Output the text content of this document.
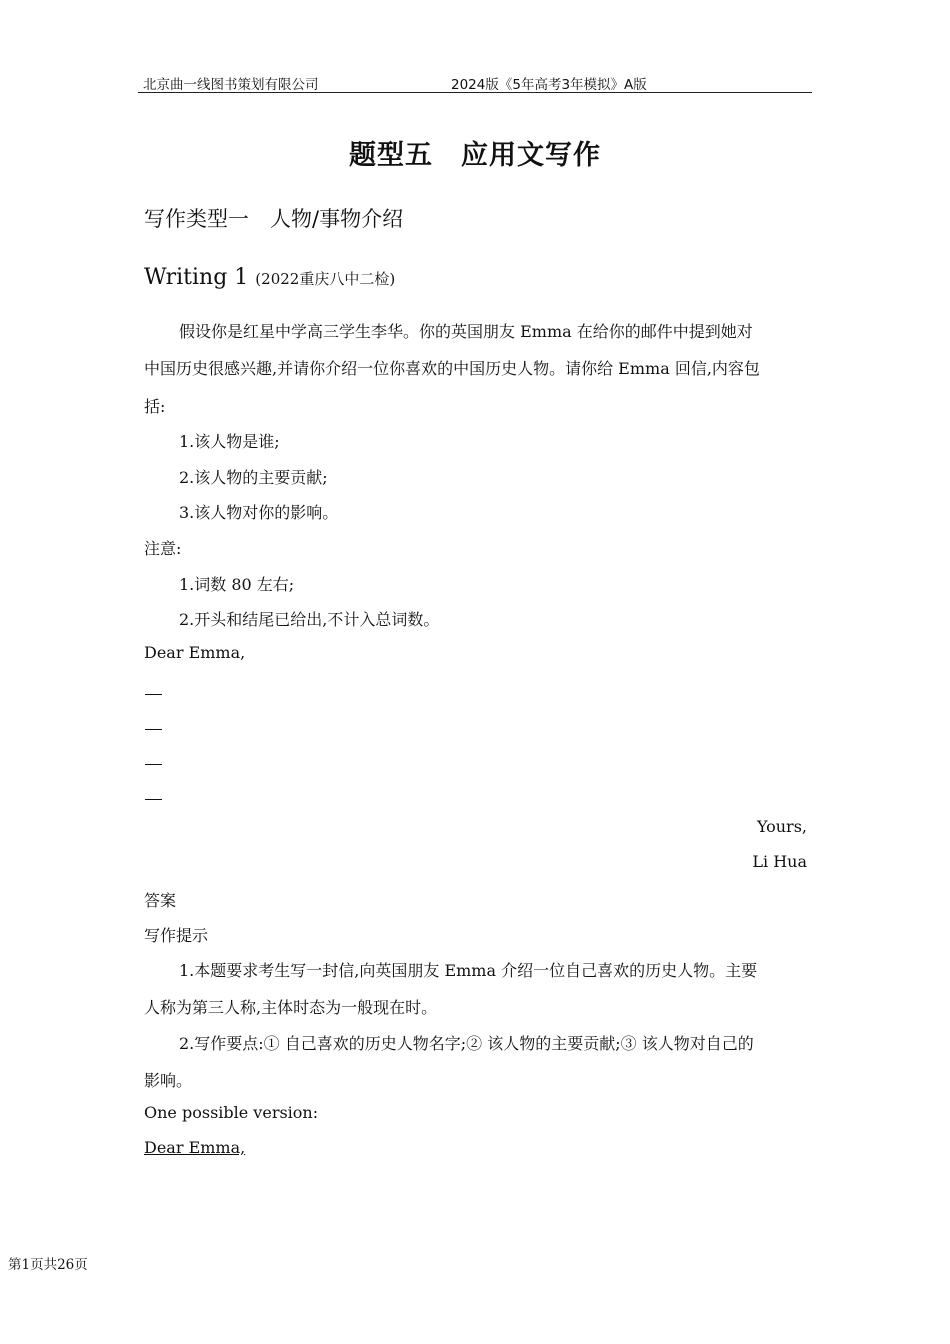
北京曲一线图书策划有限公司	2024版《5年高考3年模拟》A版
题型五　应用文写作
写作类型一　人物/事物介绍
Writing 1 (2022重庆八中二检)
假设你是红星中学高三学生李华。你的英国朋友 Emma 在给你的邮件中提到她对
中国历史很感兴趣,并请你介绍一位你喜欢的中国历史人物。请你给 Emma 回信,内容包
括:
1.该人物是谁;
2.该人物的主要贡献;
3.该人物对你的影响。
注意:
1.词数 80 左右;
2.开头和结尾已给出,不计入总词数。
Dear Emma,
Yours,
Li Hua
答案
写作提示
1.本题要求考生写一封信,向英国朋友 Emma 介绍一位自己喜欢的历史人物。主要
人称为第三人称,主体时态为一般现在时。
2.写作要点:① 自己喜欢的历史人物名字;② 该人物的主要贡献;③ 该人物对自己的
影响。
One possible version:
Dear Emma,
第1页共26页
